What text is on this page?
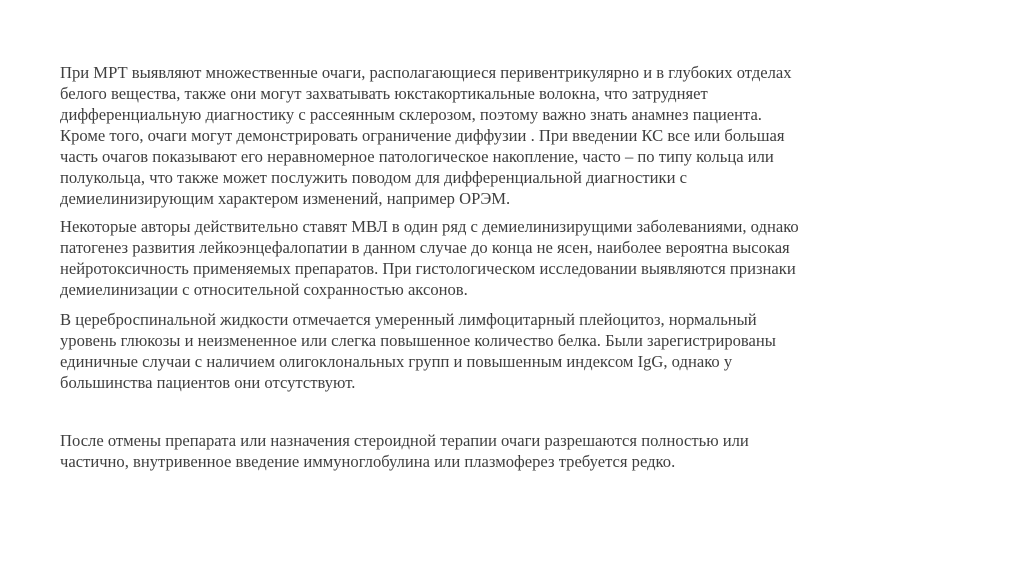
При МРТ выявляют множественные очаги, располагающиеся перивентрикулярно и в глубоких отделах
белого вещества, также они могут захватывать юкстакортикальные волокна, что затрудняет
дифференциальную диагностику с рассеянным склерозом, поэтому важно знать анамнез пациента.
Кроме того, очаги могут демонстрировать ограничение диффузии . При введении КС все или большая
часть очагов показывают его неравномерное патологическое накопление, часто – по типу кольца или
полукольца, что также может послужить поводом для дифференциальной диагностики с
демиелинизирующим характером изменений, например ОРЭМ.

Некоторые авторы действительно ставят МВЛ в один ряд с демиелинизирущими заболеваниями, однако
патогенез развития лейкоэнцефалопатии в данном случае до конца не ясен, наиболее вероятна высокая
нейротоксичность применяемых препаратов. При гистологическом исследовании выявляются признаки
демиелинизации с относительной сохранностью аксонов.

В цереброспинальной жидкости отмечается умеренный лимфоцитарный плейоцитоз, нормальный
уровень глюкозы и неизмененное или слегка повышенное количество белка. Были зарегистрированы
единичные случаи с наличием олигоклональных групп и повышенным индексом IgG, однако у
большинства пациентов они отсутствуют.

После отмены препарата или назначения стероидной терапии очаги разрешаются полностью или
частично, внутривенное введение иммуноглобулина или плазмоферез требуется редко.
